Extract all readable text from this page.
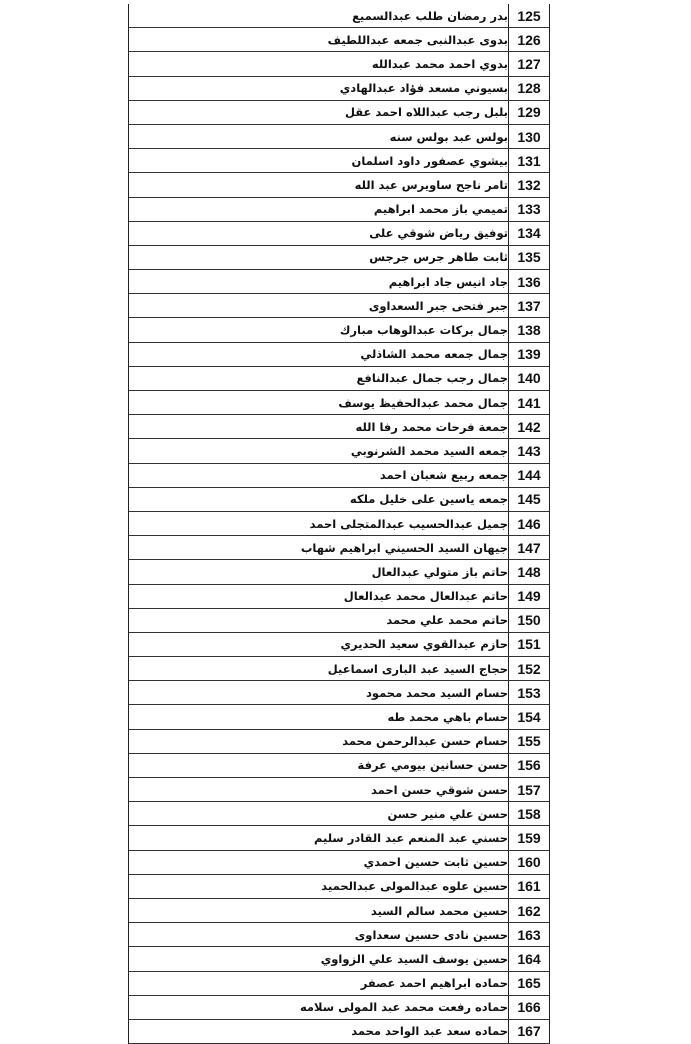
125	بدر رمضان طلب عبدالسميع
126	بدوى عبدالنبى جمعه عبداللطيف
127	بدوي احمد محمد عبدالله
128	بسيوني مسعد فؤاد عبدالهادي
129	بلبل رجب عبداللاه احمد عقل
130	بولس عبد بولس سنه
131	بيشوي عصفور داود اسلمان
132	تامر ناجح ساويرس عبد الله
133	تميمي باز محمد ابراهيم
134	توفيق رياض شوقي على
135	ثابت طاهر جرس جرجس
136	جاد انيس جاد ابراهيم
137	جبر فتحى جبر السعداوى
138	جمال بركات عبدالوهاب مبارك
139	جمال جمعه محمد الشاذلي
140	جمال رجب جمال عبدالنافع
141	جمال محمد عبدالحفيظ يوسف
142	جمعة فرحات محمد رفا الله
143	جمعه السيد محمد الشرنوبي
144	جمعه ربيع شعبان احمد
145	جمعه ياسين على خليل ملكه
146	جميل عبدالحسيب عبدالمتجلى احمد
147	جيهان السيد الحسيني ابراهيم شهاب
148	حاتم باز متولي عبدالعال
149	حاتم عبدالعال محمد عبدالعال
150	حاتم محمد علي محمد
151	حازم عبدالقوي سعيد الحديري
152	حجاج السيد عبد البارى اسماعيل
153	حسام السيد محمد محمود
154	حسام باهي محمد طه
155	حسام حسن عبدالرحمن محمد
156	حسن حسانين بيومي عرفة
157	حسن شوقي حسن احمد
158	حسن علي منير حسن
159	حسني عبد المنعم عبد القادر سليم
160	حسين ثابت حسين احمدي
161	حسين علوه عبدالمولى عبدالحميد
162	حسين محمد سالم السيد
163	حسين نادى حسين سعداوى
164	حسين يوسف السيد علي الزواوي
165	حماده ابراهيم احمد عصفر
166	حماده رفعت محمد عبد المولى سلامه
167	حماده سعد عبد الواحد محمد
